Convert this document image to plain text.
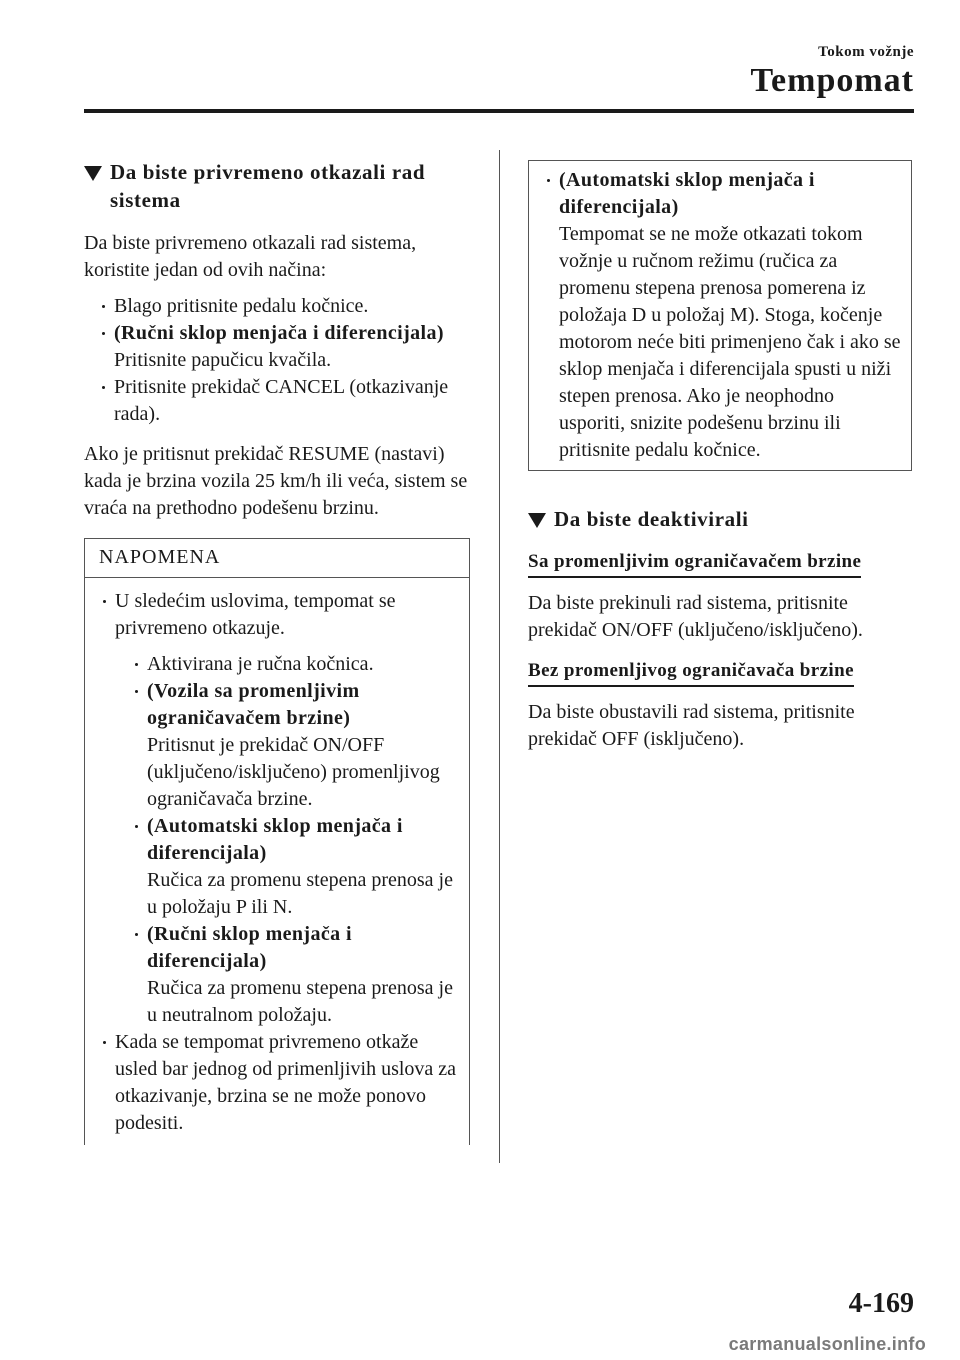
Tokom vožnje
Tempomat
Da biste privremeno otkazali rad
sistema

Da biste privremeno otkazali rad sistema, koristite jedan od ovih načina:

Blago pritisnite pedalu kočnice.
(Ručni sklop menjača i diferencijala)
Pritisnite papučicu kvačila.
Pritisnite prekidač CANCEL (otkazivanje rada).

Ako je pritisnut prekidač RESUME (nastavi) kada je brzina vozila 25 km/h ili veća, sistem se vraća na prethodno podešenu brzinu.

NAPOMENA
U sledećim uslovima, tempomat se privremeno otkazuje.
Aktivirana je ručna kočnica.
(Vozila sa promenljivim ograničavačem brzine)
Pritisnut je prekidač ON/OFF (uključeno/isključeno) promenljivog ograničavača brzine.
(Automatski sklop menjača i diferencijala)
Ručica za promenu stepena prenosa je u položaju P ili N.
(Ručni sklop menjača i diferencijala)
Ručica za promenu stepena prenosa je u neutralnom položaju.
Kada se tempomat privremeno otkaže usled bar jednog od primenljivih uslova za otkazivanje, brzina se ne može ponovo podesiti.
(Automatski sklop menjača i diferencijala)
Tempomat se ne može otkazati tokom vožnje u ručnom režimu (ručica za promenu stepena prenosa pomerena iz položaja D u položaj M). Stoga, kočenje motorom neće biti primenjeno čak i ako se sklop menjača i diferencijala spusti u niži stepen prenosa. Ako je neophodno usporiti, snizite podešenu brzinu ili pritisnite pedalu kočnice.
Da biste deaktivirali
Sa promenljivim ograničavačem brzine

Da biste prekinuli rad sistema, pritisnite prekidač ON/OFF (uključeno/isključeno).

Bez promenljivog ograničavača brzine

Da biste obustavili rad sistema, pritisnite prekidač OFF (isključeno).

4-169
carmanualsonline.info
